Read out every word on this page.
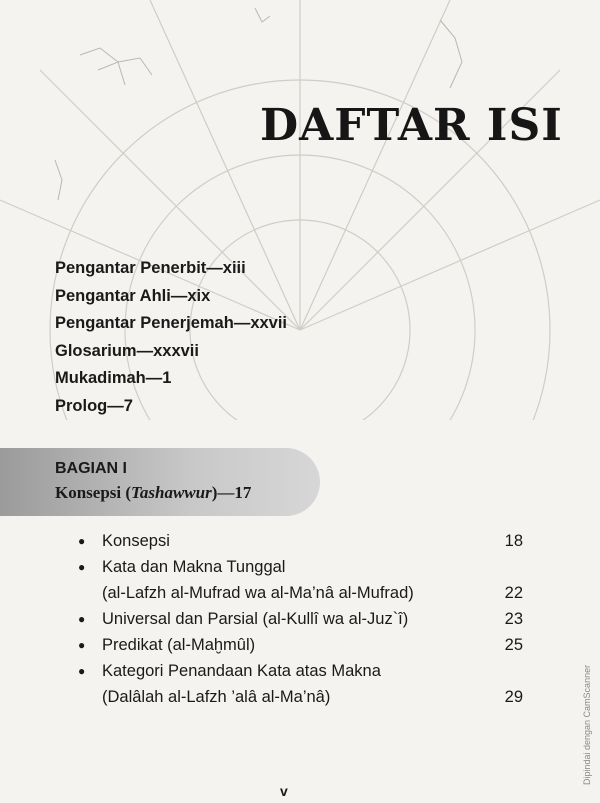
DAFTAR ISI
Pengantar Penerbit—xiii
Pengantar Ahli—xix
Pengantar Penerjemah—xxvii
Glosarium—xxxvii
Mukadimah—1
Prolog—7
BAGIAN I
Konsepsi (Tashawwur)—17
● Konsepsi	18
● Kata dan Makna Tunggal
(al-Lafzh al-Mufrad wa al-Ma’nâ al-Mufrad)	22
● Universal dan Parsial (al-Kullî wa al-Juz`î)	23
● Predikat (al-Maḫmûl)	25
● Kategori Penandaan Kata atas Makna
(Dalâlah al-Lafzh ’alâ al-Ma’nâ)	29	Dipindai dengan CamScanner
v
